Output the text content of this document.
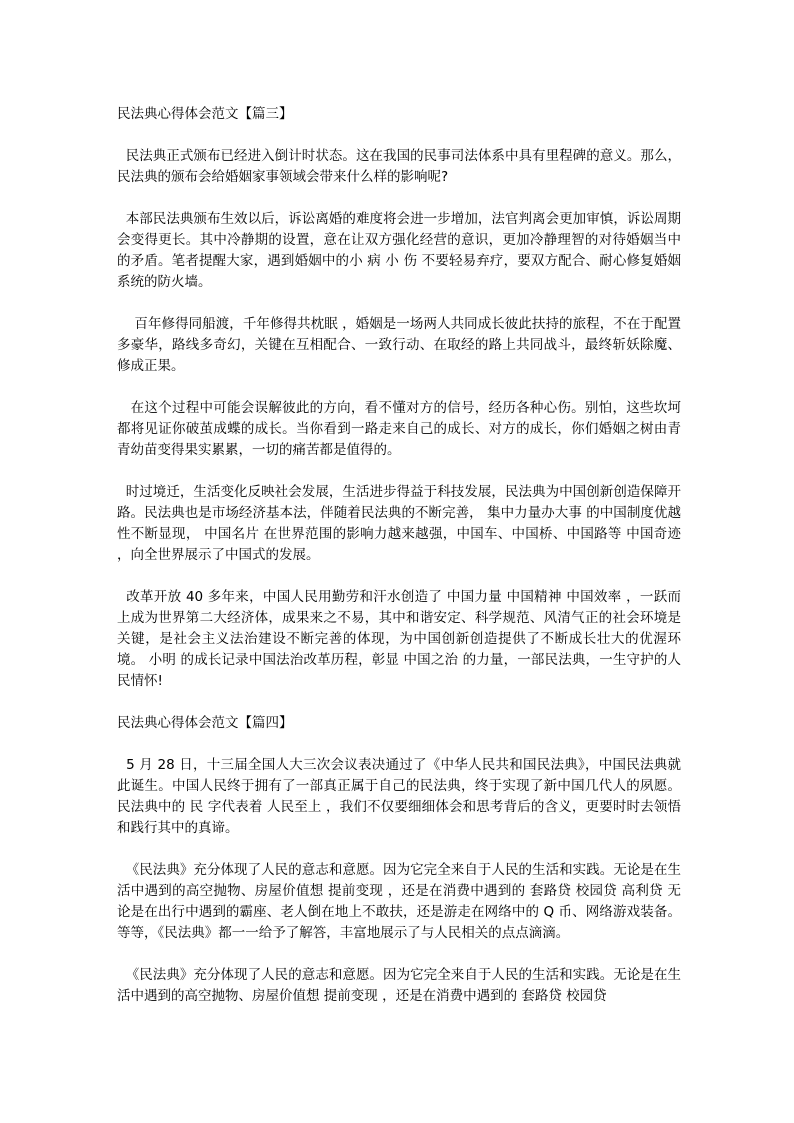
民法典心得体会范文【篇三】

民法典正式颁布已经进入倒计时状态。这在我国的民事司法体系中具有里程碑的意义。那么，民法典的颁布会给婚姻家事领域会带来什么样的影响呢?

本部民法典颁布生效以后，诉讼离婚的难度将会进一步增加，法官判离会更加审慎，诉讼周期会变得更长。其中冷静期的设置，意在让双方强化经营的意识，更加冷静理智的对待婚姻当中的矛盾。笔者提醒大家，遇到婚姻中的小 病 小 伤 不要轻易弃疗，要双方配合、耐心修复婚姻系统的防火墙。

百年修得同船渡，千年修得共枕眠 ，婚姻是一场两人共同成长彼此扶持的旅程，不在于配置多豪华，路线多奇幻，关键在互相配合、一致行动、在取经的路上共同战斗，最终斩妖除魔、修成正果。

在这个过程中可能会误解彼此的方向，看不懂对方的信号，经历各种心伤。别怕，这些坎坷都将见证你破茧成蝶的成长。当你看到一路走来自己的成长、对方的成长，你们婚姻之树由青青幼苗变得果实累累，一切的痛苦都是值得的。

时过境迁，生活变化反映社会发展，生活进步得益于科技发展，民法典为中国创新创造保障开路。民法典也是市场经济基本法，伴随着民法典的不断完善， 集中力量办大事 的中国制度优越性不断显现， 中国名片 在世界范围的影响力越来越强，中国车、中国桥、中国路等 中国奇迹 ，向全世界展示了中国式的发展。

改革开放 40 多年来，中国人民用勤劳和汗水创造了 中国力量 中国精神 中国效率 ，一跃而上成为世界第二大经济体，成果来之不易，其中和谐安定、科学规范、风清气正的社会环境是关键，是社会主义法治建设不断完善的体现，为中国创新创造提供了不断成长壮大的优渥环境。 小明 的成长记录中国法治改革历程，彰显 中国之治 的力量，一部民法典，一生守护的人民情怀!

民法典心得体会范文【篇四】

5 月 28 日，十三届全国人大三次会议表决通过了《中华人民共和国民法典》，中国民法典就此诞生。中国人民终于拥有了一部真正属于自己的民法典，终于实现了新中国几代人的夙愿。民法典中的 民 字代表着 人民至上 ，我们不仅要细细体会和思考背后的含义，更要时时去领悟和践行其中的真谛。

《民法典》充分体现了人民的意志和意愿。因为它完全来自于人民的生活和实践。无论是在生活中遇到的高空抛物、房屋价值想 提前变现 ，还是在消费中遇到的 套路贷 校园贷 高利贷 无论是在出行中遇到的霸座、老人倒在地上不敢扶，还是游走在网络中的 Q 币、网络游戏装备。等等，《民法典》都一一给予了解答，丰富地展示了与人民相关的点点滴滴。

《民法典》充分体现了人民的意志和意愿。因为它完全来自于人民的生活和实践。无论是在生活中遇到的高空抛物、房屋价值想 提前变现 ，还是在消费中遇到的 套路贷 校园贷
